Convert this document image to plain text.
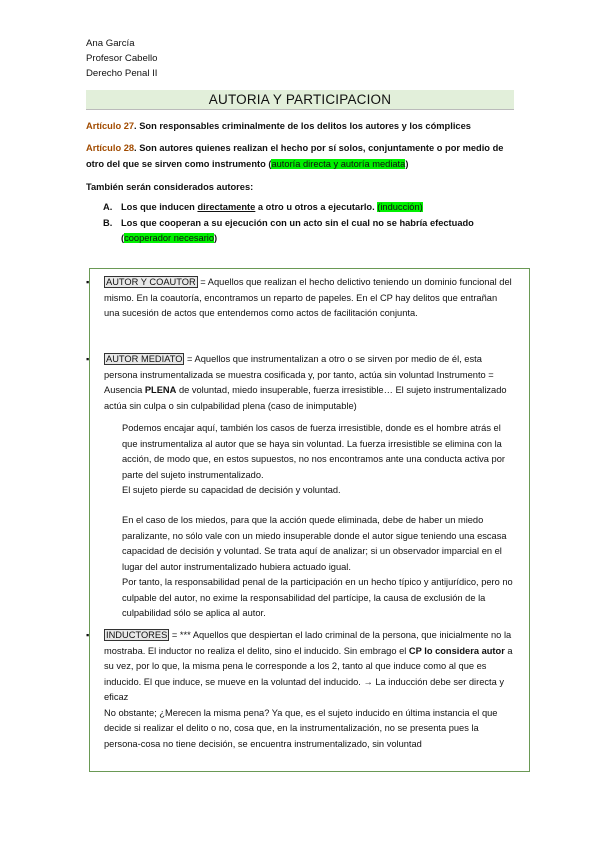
Ana García
Profesor Cabello
Derecho Penal II
AUTORIA Y PARTICIPACION
Artículo 27. Son responsables criminalmente de los delitos los autores y los cómplices
Artículo 28. Son autores quienes realizan el hecho por sí solos, conjuntamente o por medio de otro del que se sirven como instrumento (autoría directa y autoría mediata)
También serán considerados autores:
A. Los que inducen directamente a otro u otros a ejecutarlo. (inducción)
B. Los que cooperan a su ejecución con un acto sin el cual no se habría efectuado (cooperador necesario)
▪ AUTOR Y COAUTOR = Aquellos que realizan el hecho delictivo teniendo un dominio funcional del mismo. En la coautoría, encontramos un reparto de papeles. En el CP hay delitos que entrañan una sucesión de actos que entendemos como actos de facilitación conjunta.
▪ AUTOR MEDIATO = Aquellos que instrumentalizan a otro o se sirven por medio de él, esta persona instrumentalizada se muestra cosificada y, por tanto, actúa sin voluntad Instrumento = Ausencia PLENA de voluntad, miedo insuperable, fuerza irresistible… El sujeto instrumentalizado actúa sin culpa o sin culpabilidad plena (caso de inimputable)
Podemos encajar aquí, también los casos de fuerza irresistible, donde es el hombre atrás el que instrumentaliza al autor que se haya sin voluntad. La fuerza irresistible se elimina con la acción, de modo que, en estos supuestos, no nos encontramos ante una conducta activa por parte del sujeto instrumentalizado.
El sujeto pierde su capacidad de decisión y voluntad.
En el caso de los miedos, para que la acción quede eliminada, debe de haber un miedo paralizante, no sólo vale con un miedo insuperable donde el autor sigue teniendo una escasa capacidad de decisión y voluntad. Se trata aquí de analizar; si un observador imparcial en el lugar del autor instrumentalizado hubiera actuado igual.
Por tanto, la responsabilidad penal de la participación en un hecho típico y antijurídico, pero no culpable del autor, no exime la responsabilidad del partícipe, la causa de exclusión de la culpabilidad sólo se aplica al autor.
▪ INDUCTORES = *** Aquellos que despiertan el lado criminal de la persona, que inicialmente no la mostraba. El inductor no realiza el delito, sino el inducido. Sin embrago el CP lo considera autor a su vez, por lo que, la misma pena le corresponde a los 2, tanto al que induce como al que es inducido. El que induce, se mueve en la voluntad del inducido. → La inducción debe ser directa y eficaz
No obstante; ¿Merecen la misma pena? Ya que, es el sujeto inducido en última instancia el que decide si realizar el delito o no, cosa que, en la instrumentalización, no se presenta pues la persona-cosa no tiene decisión, se encuentra instrumentalizado, sin voluntad
